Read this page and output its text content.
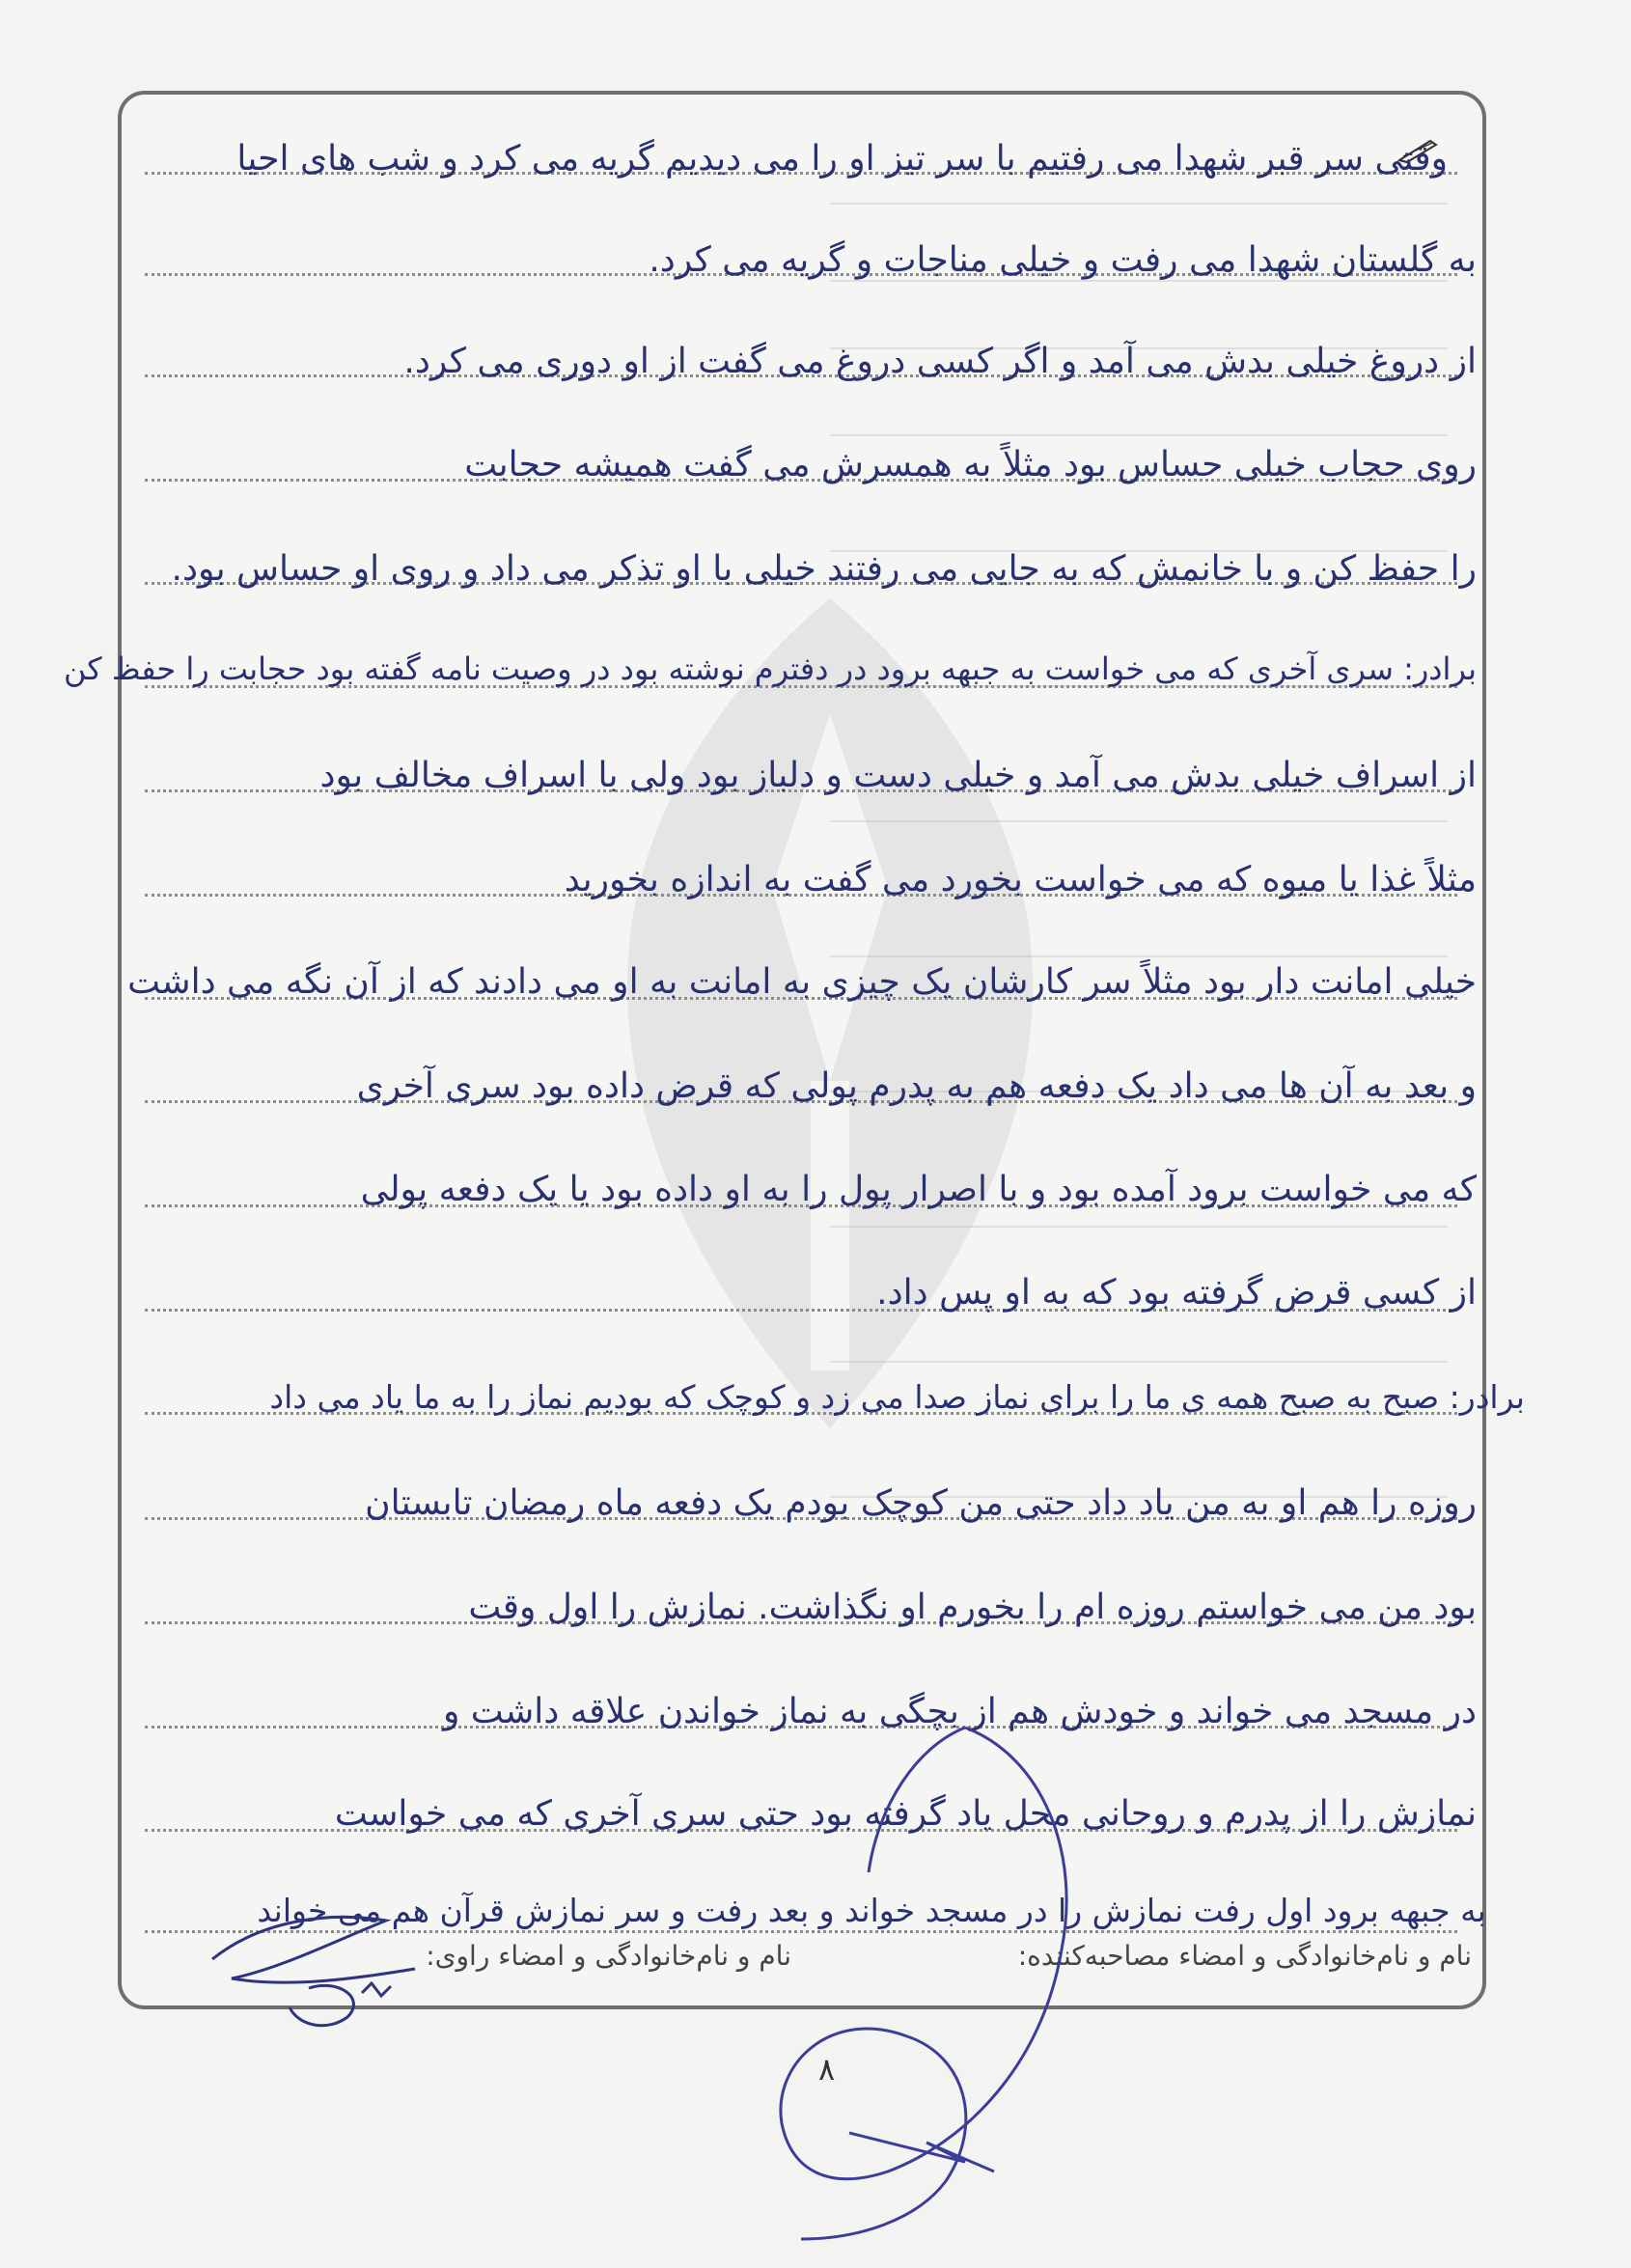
وقتی سر قبر شهدا می رفتیم با سر تیز او را می دیدیم گریه می کرد و شب های احیا
به گلستان شهدا می رفت و خیلی مناجات و گریه می کرد.
از دروغ خیلی بدش می آمد و اگر کسی دروغ می گفت از او دوری می کرد.
روی حجاب خیلی حساس بود مثلاً به همسرش می گفت همیشه حجابت
را حفظ کن و با خانمش که به جایی می رفتند خیلی با او تذکر می داد و روی او حساس بود.
برادر: سری آخری که می خواست به جبهه برود در دفترم نوشته بود در وصیت نامه گفته بود حجابت را حفظ کن
از اسراف خیلی بدش می آمد و خیلی دست و دلباز بود ولی با اسراف مخالف بود
مثلاً غذا یا میوه که می خواست بخورد می گفت به اندازه بخورید
خیلی امانت دار بود مثلاً سر کارشان یک چیزی به امانت به او می دادند که از آن نگه می داشت
و بعد به آن ها می داد یک دفعه هم به پدرم پولی که قرض داده بود سری آخری
که می خواست برود آمده بود و با اصرار پول را به او داده بود یا یک دفعه پولی
از کسی قرض گرفته بود که به او پس داد.
برادر: صبح به صبح همه ی ما را برای نماز صدا می زد و کوچک که بودیم نماز را به ما یاد می داد
روزه را هم او به من یاد داد حتی من کوچک بودم یک دفعه ماه رمضان تابستان
بود من می خواستم روزه ام را بخورم او نگذاشت. نمازش را اول وقت
در مسجد می خواند و خودش هم از بچگی به نماز خواندن علاقه داشت و
نمازش را از پدرم و روحانی محل یاد گرفته بود حتی سری آخری که می خواست
به جبهه برود اول رفت نمازش را در مسجد خواند و بعد رفت و سر نمازش قرآن هم می خواند
نام و نام‌خانوادگی و امضاء مصاحبه‌کننده:
نام و نام‌خانوادگی و امضاء راوی:
۸
